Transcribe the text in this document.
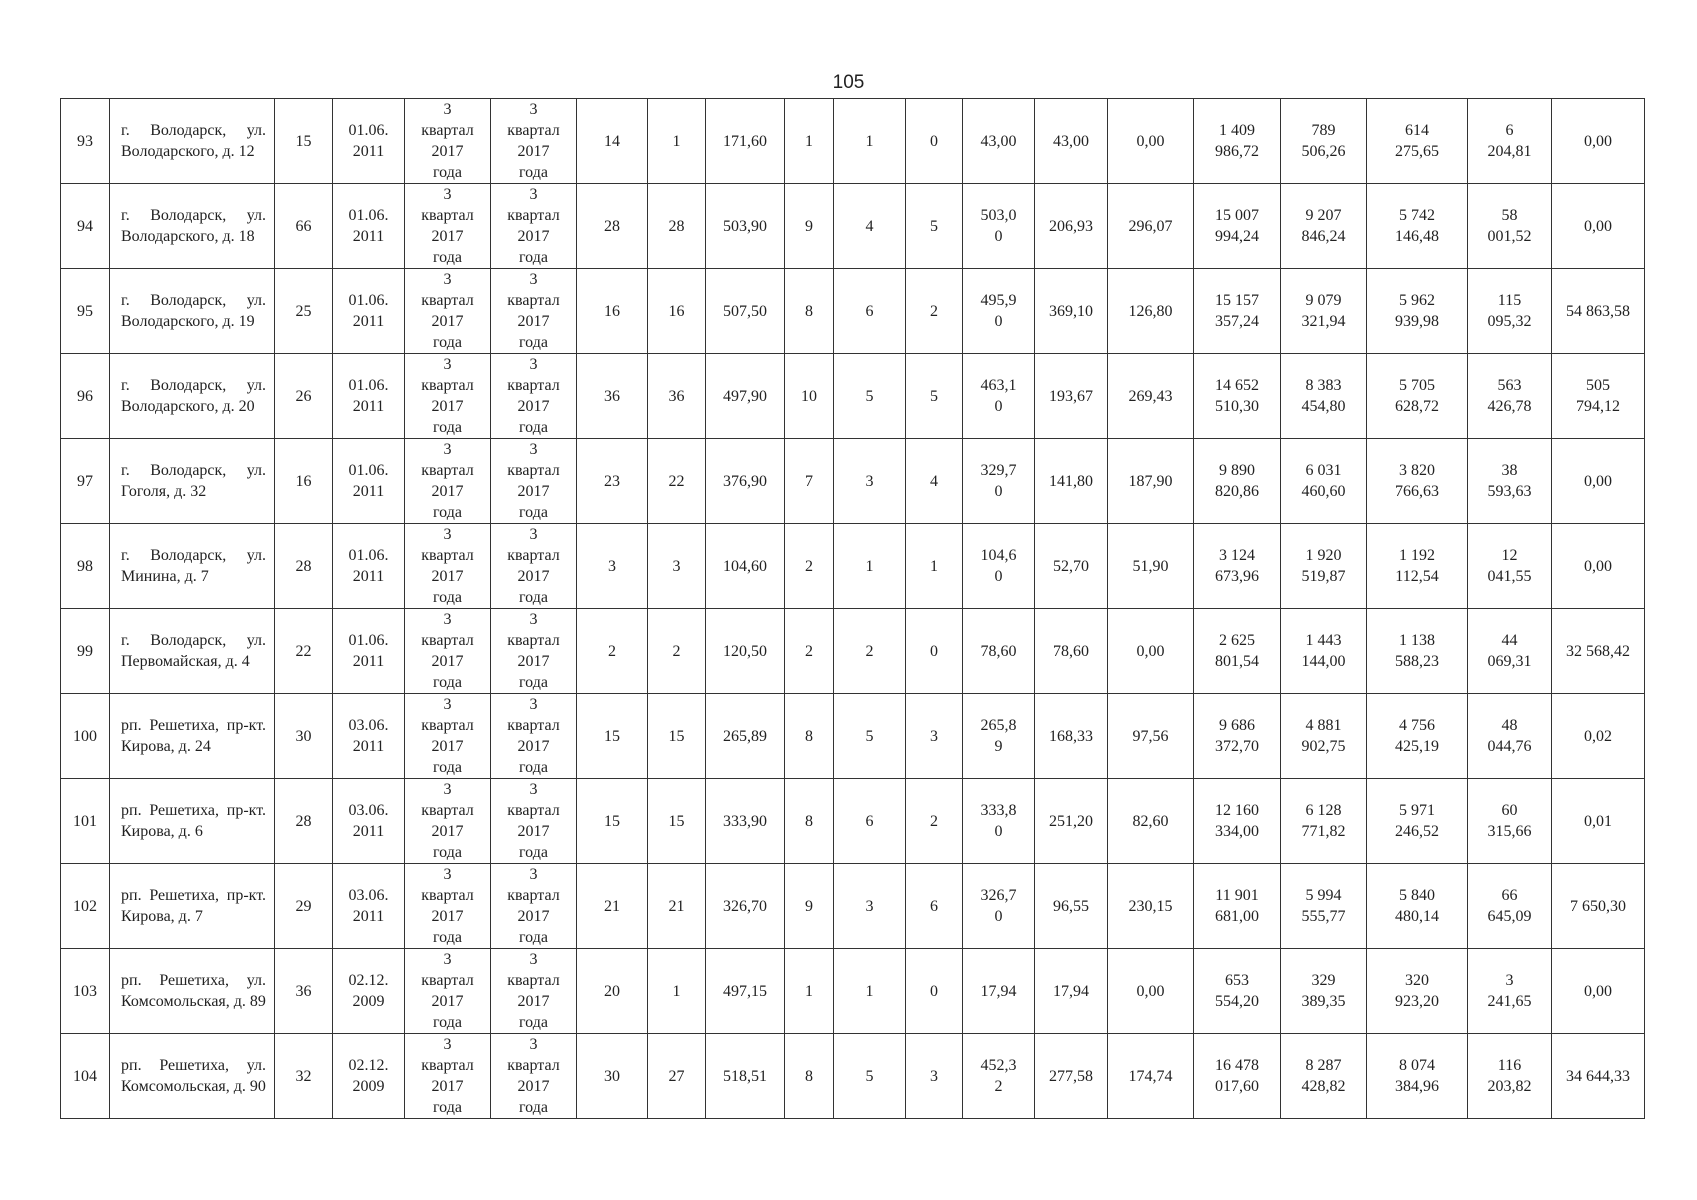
105
93	г. Володарск, ул. Володарского, д. 12	15	01.06.
2011	3
квартал
2017
года	3
квартал
2017
года	14	1	171,60	1	1	0	43,00	43,00	0,00	1 409
986,72	789
506,26	614
275,65	6
204,81	0,00
94	г. Володарск, ул. Володарского, д. 18	66	01.06.
2011	3
квартал
2017
года	3
квартал
2017
года	28	28	503,90	9	4	5	503,0
0	206,93	296,07	15 007
994,24	9 207
846,24	5 742
146,48	58
001,52	0,00
95	г. Володарск, ул. Володарского, д. 19	25	01.06.
2011	3
квартал
2017
года	3
квартал
2017
года	16	16	507,50	8	6	2	495,9
0	369,10	126,80	15 157
357,24	9 079
321,94	5 962
939,98	115
095,32	54 863,58
96	г. Володарск, ул. Володарского, д. 20	26	01.06.
2011	3
квартал
2017
года	3
квартал
2017
года	36	36	497,90	10	5	5	463,1
0	193,67	269,43	14 652
510,30	8 383
454,80	5 705
628,72	563
426,78	505
794,12
97	г. Володарск, ул. Гоголя, д. 32	16	01.06.
2011	3
квартал
2017
года	3
квартал
2017
года	23	22	376,90	7	3	4	329,7
0	141,80	187,90	9 890
820,86	6 031
460,60	3 820
766,63	38
593,63	0,00
98	г. Володарск, ул. Минина, д. 7	28	01.06.
2011	3
квартал
2017
года	3
квартал
2017
года	3	3	104,60	2	1	1	104,6
0	52,70	51,90	3 124
673,96	1 920
519,87	1 192
112,54	12
041,55	0,00
99	г. Володарск, ул. Первомайская, д. 4	22	01.06.
2011	3
квартал
2017
года	3
квартал
2017
года	2	2	120,50	2	2	0	78,60	78,60	0,00	2 625
801,54	1 443
144,00	1 138
588,23	44
069,31	32 568,42
100	рп. Решетиха, пр-кт. Кирова, д. 24	30	03.06.
2011	3
квартал
2017
года	3
квартал
2017
года	15	15	265,89	8	5	3	265,8
9	168,33	97,56	9 686
372,70	4 881
902,75	4 756
425,19	48
044,76	0,02
101	рп. Решетиха, пр-кт. Кирова, д. 6	28	03.06.
2011	3
квартал
2017
года	3
квартал
2017
года	15	15	333,90	8	6	2	333,8
0	251,20	82,60	12 160
334,00	6 128
771,82	5 971
246,52	60
315,66	0,01
102	рп. Решетиха, пр-кт. Кирова, д. 7	29	03.06.
2011	3
квартал
2017
года	3
квартал
2017
года	21	21	326,70	9	3	6	326,7
0	96,55	230,15	11 901
681,00	5 994
555,77	5 840
480,14	66
645,09	7 650,30
103	рп. Решетиха, ул. Комсомольская, д. 89	36	02.12.
2009	3
квартал
2017
года	3
квартал
2017
года	20	1	497,15	1	1	0	17,94	17,94	0,00	653
554,20	329
389,35	320
923,20	3
241,65	0,00
104	рп. Решетиха, ул. Комсомольская, д. 90	32	02.12.
2009	3
квартал
2017
года	3
квартал
2017
года	30	27	518,51	8	5	3	452,3
2	277,58	174,74	16 478
017,60	8 287
428,82	8 074
384,96	116
203,82	34 644,33
